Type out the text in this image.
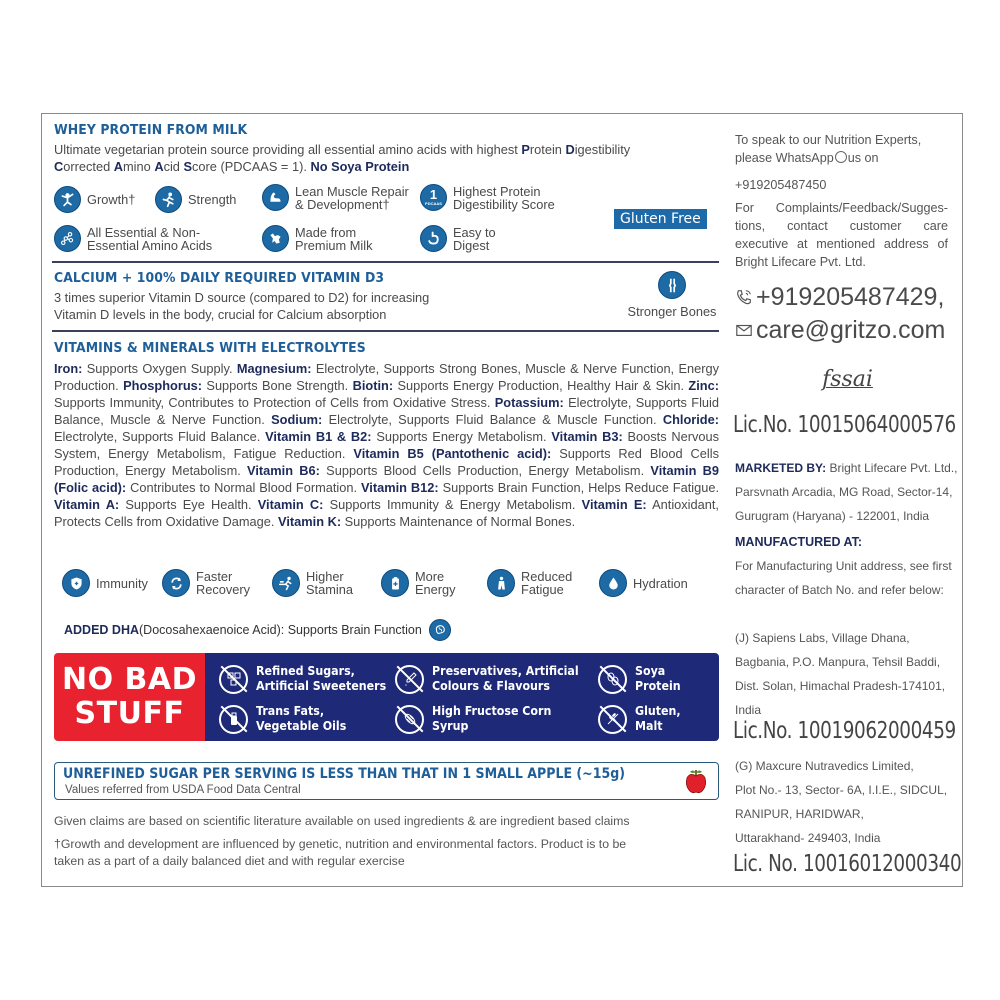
WHEY PROTEIN FROM MILK
Ultimate vegetarian protein source providing all essential amino acids with highest Protein Digestibility
Corrected Amino Acid Score (PDCAAS = 1). No Soya Protein
Growth†	Strength
Lean Muscle Repair
& Development†
1
PDCAAS
Highest Protein
Digestibility Score
Gluten Free
All Essential & Non-
Essential Amino Acids
Made from
Premium Milk
Easy to
Digest
CALCIUM + 100% DAILY REQUIRED VITAMIN D3
3 times superior Vitamin D source (compared to D2) for increasing
Vitamin D levels in the body, crucial for Calcium absorption	Stronger Bones
VITAMINS & MINERALS WITH ELECTROLYTES
Iron: Supports Oxygen Supply. Magnesium: Electrolyte, Supports Strong Bones, Muscle & Nerve Function, Energy Production. Phosphorus: Supports Bone Strength. Biotin: Supports Energy Production, Healthy Hair & Skin. Zinc: Supports Immunity, Contributes to Protection of Cells from Oxidative Stress. Potassium: Electrolyte, Supports Fluid Balance, Muscle & Nerve Function. Sodium: Electrolyte, Supports Fluid Balance & Muscle Function. Chloride: Electrolyte, Supports Fluid Balance. Vitamin B1 & B2: Supports Energy Metabolism. Vitamin B3: Boosts Nervous System, Energy Metabolism, Fatigue Reduction. Vitamin B5 (Pantothenic acid): Supports Red Blood Cells Production, Energy Metabolism. Vitamin B6: Supports Blood Cells Production, Energy Metabolism. Vitamin B9 (Folic acid): Contributes to Normal Blood Formation. Vitamin B12: Supports Brain Function, Helps Reduce Fatigue. Vitamin A: Supports Eye Health. Vitamin C: Supports Immunity & Energy Metabolism. Vitamin E: Antioxidant, Protects Cells from Oxidative Damage. Vitamin K: Supports Maintenance of Normal Bones.
Immunity	Faster
Recovery
Higher
Stamina
More
Energy
Reduced
Fatigue	Hydration
ADDED DHA (Docosahexaenoice Acid): Supports Brain Function
NO BAD
STUFF
Refined Sugars,
Artificial Sweeteners
Preservatives, Artificial
Colours & Flavours
Soya
Protein
Trans Fats,
Vegetable Oils
High Fructose Corn
Syrup
Gluten,
Malt
UNREFINED SUGAR PER SERVING IS LESS THAN THAT IN 1 SMALL APPLE (~15g)
Values referred from USDA Food Data Central
Given claims are based on scientific literature available on used ingredients & are ingredient based claims
†Growth and development are influenced by genetic, nutrition and environmental factors. Product is to be taken as a part of a daily balanced diet and with regular exercise
To speak to our Nutrition Experts,
please WhatsApp us on
+919205487450
For Complaints/Feedback/Sugges- tions, contact customer care executive at mentioned address of Bright Lifecare Pvt. Ltd.
+919205487429,
care@gritzo.com
fssai
Lic.No. 10015064000576
MARKETED BY: Bright Lifecare Pvt. Ltd., Parsvnath Arcadia, MG Road, Sector-14, Gurugram (Haryana) - 122001, India
MANUFACTURED AT:
For Manufacturing Unit address, see first character of Batch No. and refer below:
(J) Sapiens Labs, Village Dhana, Bagbania, P.O. Manpura, Tehsil Baddi, Dist. Solan, Himachal Pradesh-174101, India
Lic.No. 10019062000459
(G) Maxcure Nutravedics Limited,
Plot No.- 13, Sector- 6A, I.I.E., SIDCUL,
RANIPUR, HARIDWAR,
Uttarakhand- 249403, India
Lic. No. 10016012000340
